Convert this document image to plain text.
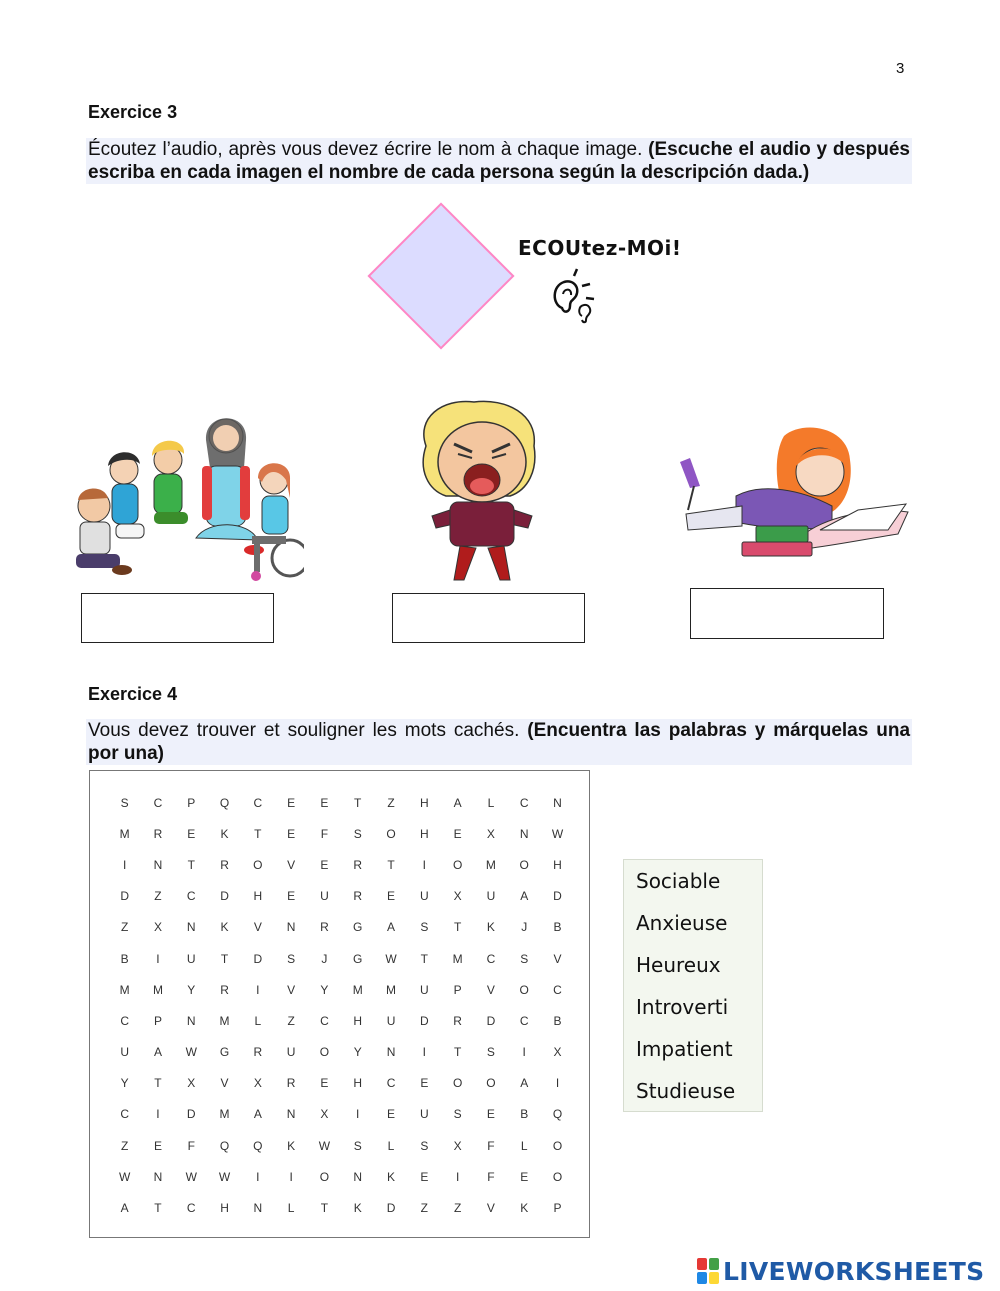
3
Exercice 3
Écoutez l’audio, après vous devez écrire le nom à chaque image. (Escuche el audio y después escriba en cada imagen el nombre de cada persona según la descripción dada.)
ECOUtez-MOi!
Exercice 4
Vous devez trouver et souligner les mots cachés. (Encuentra las palabras y márquelas una por una)
S	C	P	Q	C	E	E	T	Z	H	A	L	C	N
M	R	E	K	T	E	F	S	O	H	E	X	N	W
I	N	T	R	O	V	E	R	T	I	O	M	O	H
D	Z	C	D	H	E	U	R	E	U	X	U	A	D
Z	X	N	K	V	N	R	G	A	S	T	K	J	B
B	I	U	T	D	S	J	G	W	T	M	C	S	V
M	M	Y	R	I	V	Y	M	M	U	P	V	O	C
C	P	N	M	L	Z	C	H	U	D	R	D	C	B
U	A	W	G	R	U	O	Y	N	I	T	S	I	X
Y	T	X	V	X	R	E	H	C	E	O	O	A	I
C	I	D	M	A	N	X	I	E	U	S	E	B	Q
Z	E	F	Q	Q	K	W	S	L	S	X	F	L	O
W	N	W	W	I	I	O	N	K	E	I	F	E	O
A	T	C	H	N	L	T	K	D	Z	Z	V	K	P
Sociable
Anxieuse
Heureux
Introverti
Impatient
Studieuse
LIVEWORKSHEETS
